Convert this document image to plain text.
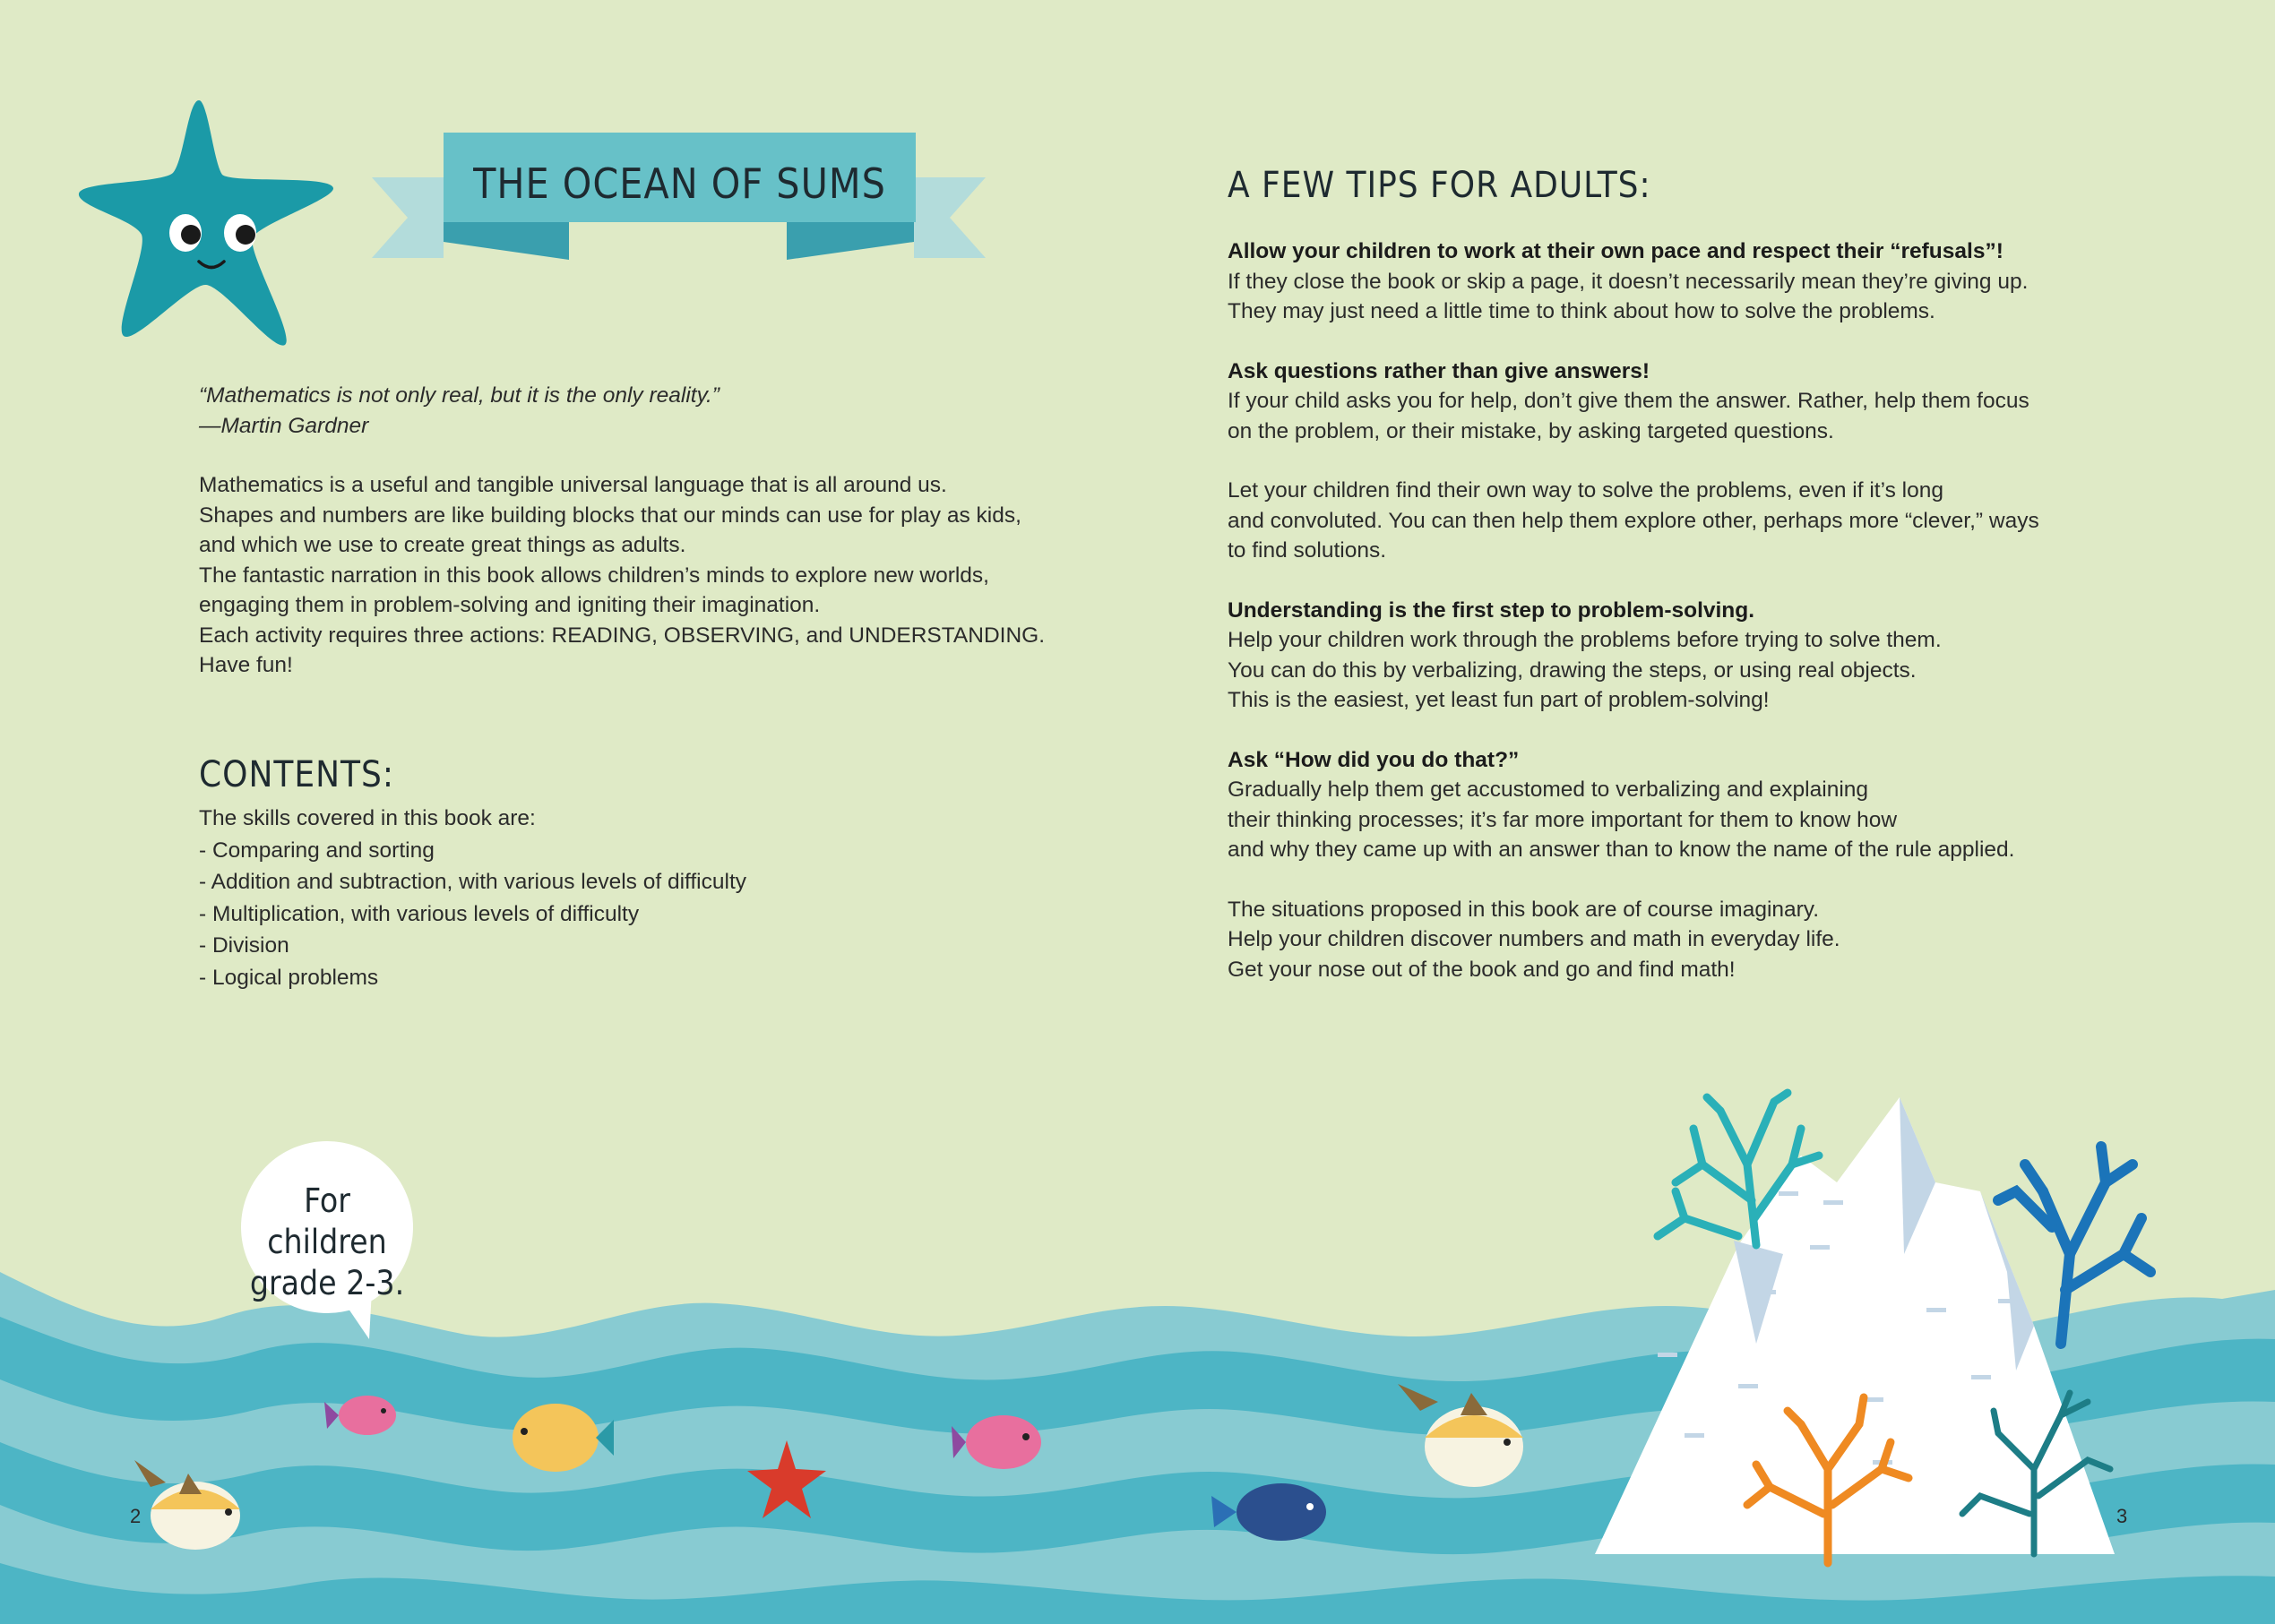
THE OCEAN OF SUMS
“Mathematics is not only real, but it is the only reality.”
—Martin Gardner
Mathematics is a useful and tangible universal language that is all around us.
Shapes and numbers are like building blocks that our minds can use for play as kids,
and which we use to create great things as adults.
The fantastic narration in this book allows children’s minds to explore new worlds,
engaging them in problem-solving and igniting their imagination.
Each activity requires three actions: READING, OBSERVING, and UNDERSTANDING.
Have fun!
CONTENTS:
The skills covered in this book are:
- Comparing and sorting
- Addition and subtraction, with various levels of difficulty
- Multiplication, with various levels of difficulty
- Division
- Logical problems
For children
grade 2-3.
2
A FEW TIPS FOR ADULTS:

Allow your children to work at their own pace and respect their “refusals”!
If they close the book or skip a page, it doesn’t necessarily mean they’re giving up.
They may just need a little time to think about how to solve the problems.

Ask questions rather than give answers!
If your child asks you for help, don’t give them the answer. Rather, help them focus
on the problem, or their mistake, by asking targeted questions.

Let your children find their own way to solve the problems, even if it’s long
and convoluted. You can then help them explore other, perhaps more “clever,” ways
to find solutions.

Understanding is the first step to problem-solving.
Help your children work through the problems before trying to solve them.
You can do this by verbalizing, drawing the steps, or using real objects.
This is the easiest, yet least fun part of problem-solving!

Ask “How did you do that?”
Gradually help them get accustomed to verbalizing and explaining
their thinking processes; it’s far more important for them to know how
and why they came up with an answer than to know the name of the rule applied.

The situations proposed in this book are of course imaginary.
Help your children discover numbers and math in everyday life.
Get your nose out of the book and go and find math!

3
